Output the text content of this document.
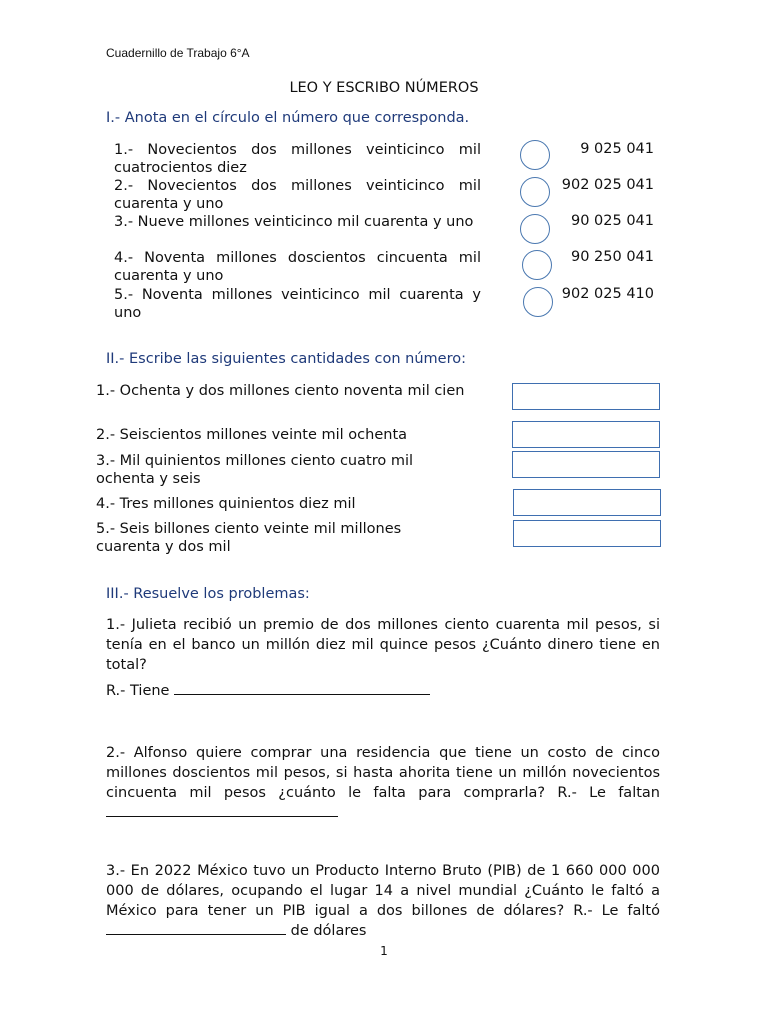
Cuadernillo de Trabajo 6°A
LEO Y ESCRIBO NÚMEROS
I.- Anota en el círculo el número que corresponda.
1.- Novecientos dos millones veinticinco mil cuatrocientos diez
9 025 041
2.- Novecientos dos millones veinticinco mil cuarenta y uno
902 025 041
3.- Nueve millones veinticinco mil cuarenta y uno	90 025 041
4.- Noventa millones doscientos cincuenta mil cuarenta y uno
90 250 041
5.- Noventa millones veinticinco mil cuarenta y uno
902 025 410
II.- Escribe las siguientes cantidades con número:
1.- Ochenta y dos millones ciento noventa mil cien
2.- Seiscientos millones veinte mil ochenta
3.- Mil quinientos millones ciento cuatro mil ochenta y seis
4.- Tres millones quinientos diez mil
5.- Seis billones ciento veinte mil millones cuarenta y dos mil
III.- Resuelve los problemas:
1.- Julieta recibió un premio de dos millones ciento cuarenta mil pesos, si tenía en el banco un millón diez mil quince pesos ¿Cuánto dinero tiene en total?
R.- Tiene
2.- Alfonso quiere comprar una residencia que tiene un costo de cinco millones doscientos mil pesos, si hasta ahorita tiene un millón novecientos cincuenta mil pesos ¿cuánto le falta para comprarla? R.- Le faltan
3.- En 2022 México tuvo un Producto Interno Bruto (PIB) de 1 660 000 000 000 de dólares, ocupando el lugar 14 a nivel mundial ¿Cuánto le faltó a México para tener un PIB igual a dos billones de dólares? R.- Le faltó  de dólares
1
